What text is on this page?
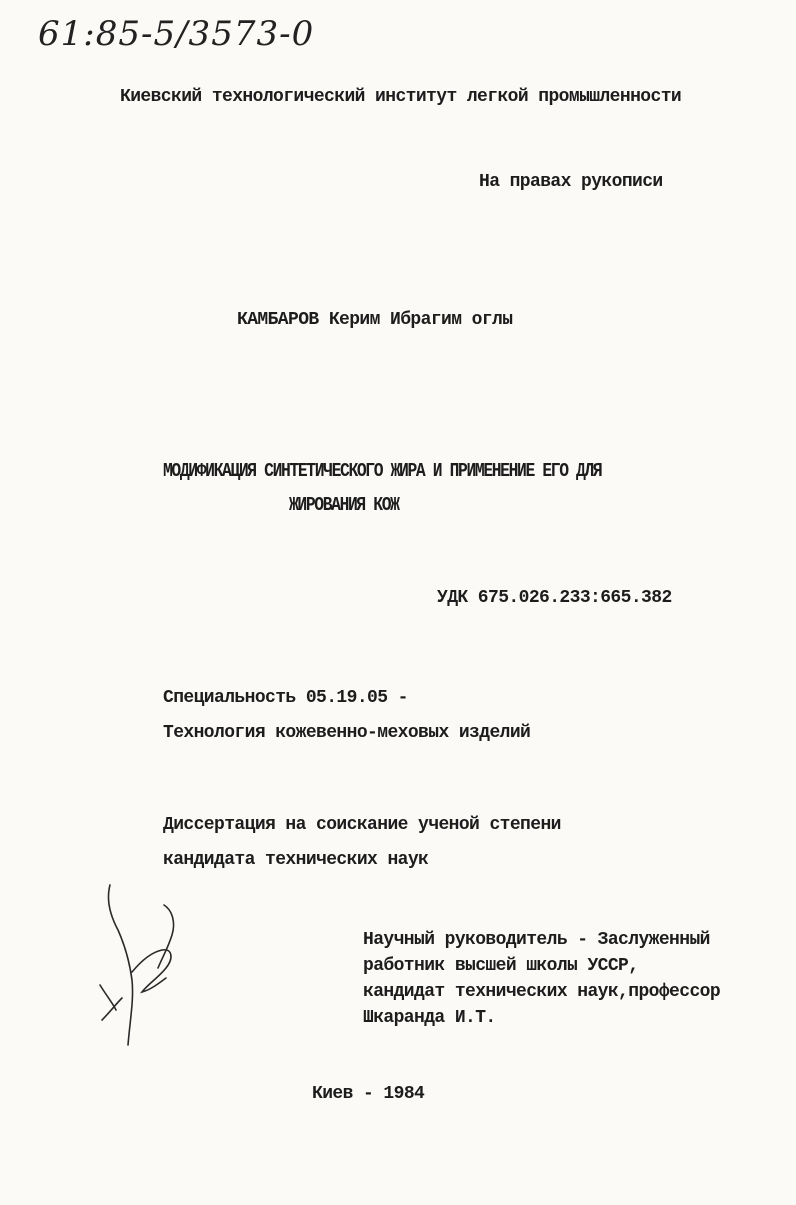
61:85-5/3573-0
Киевский технологический институт легкой промышленности
На правах рукописи
КАМБАРОВ Керим Ибрагим оглы
МОДИФИКАЦИЯ СИНТЕТИЧЕСКОГО ЖИРА И ПРИМЕНЕНИЕ ЕГО ДЛЯ
ЖИРОВАНИЯ КОЖ
УДК 675.026.233:665.382
Специальность 05.19.05 -
Технология кожевенно-меховых изделий
Диссертация на соискание ученой степени
кандидата технических наук
Научный руководитель - Заслуженный
работник высшей школы УССР,
кандидат технических наук,профессор
Шкаранда И.Т.
Киев - 1984
